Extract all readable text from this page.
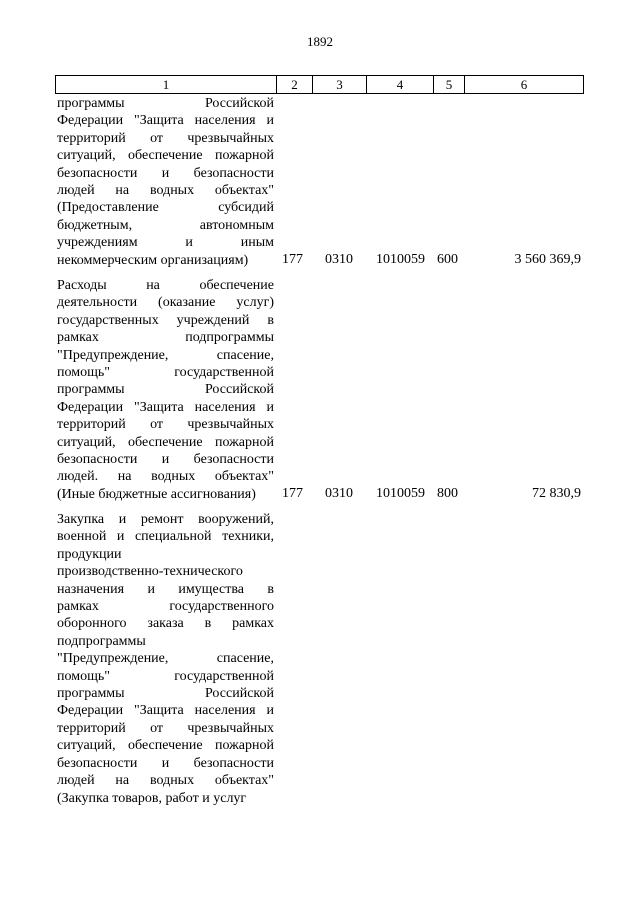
1892
1	2	3	4	5	6
программы Российской
Федерации "Защита населения и
территорий от чрезвычайных
ситуаций, обеспечение пожарной
безопасности и безопасности
людей на водных объектах"
(Предоставление субсидий
бюджетным, автономным
учреждениям и иным
некоммерческим организациям)	177 0310 1010059 600	3 560 369,9
Расходы на обеспечение
деятельности (оказание услуг)
государственных учреждений в
рамках подпрограммы
"Предупреждение, спасение,
помощь" государственной
программы Российской
Федерации "Защита населения и
территорий от чрезвычайных
ситуаций, обеспечение пожарной
безопасности и безопасности
людей. на водных объектах"
(Иные бюджетные ассигнования)	177 0310 1010059 800	72 830,9
Закупка и ремонт вооружений,
военной и специальной техники,
продукции
производственно-технического
назначения и имущества в
рамках государственного
оборонного заказа в рамках
подпрограммы
"Предупреждение, спасение,
помощь" государственной
программы Российской
Федерации "Защита населения и
территорий от чрезвычайных
ситуаций, обеспечение пожарной
безопасности и безопасности
людей на водных объектах"
(Закупка товаров, работ и услуг
